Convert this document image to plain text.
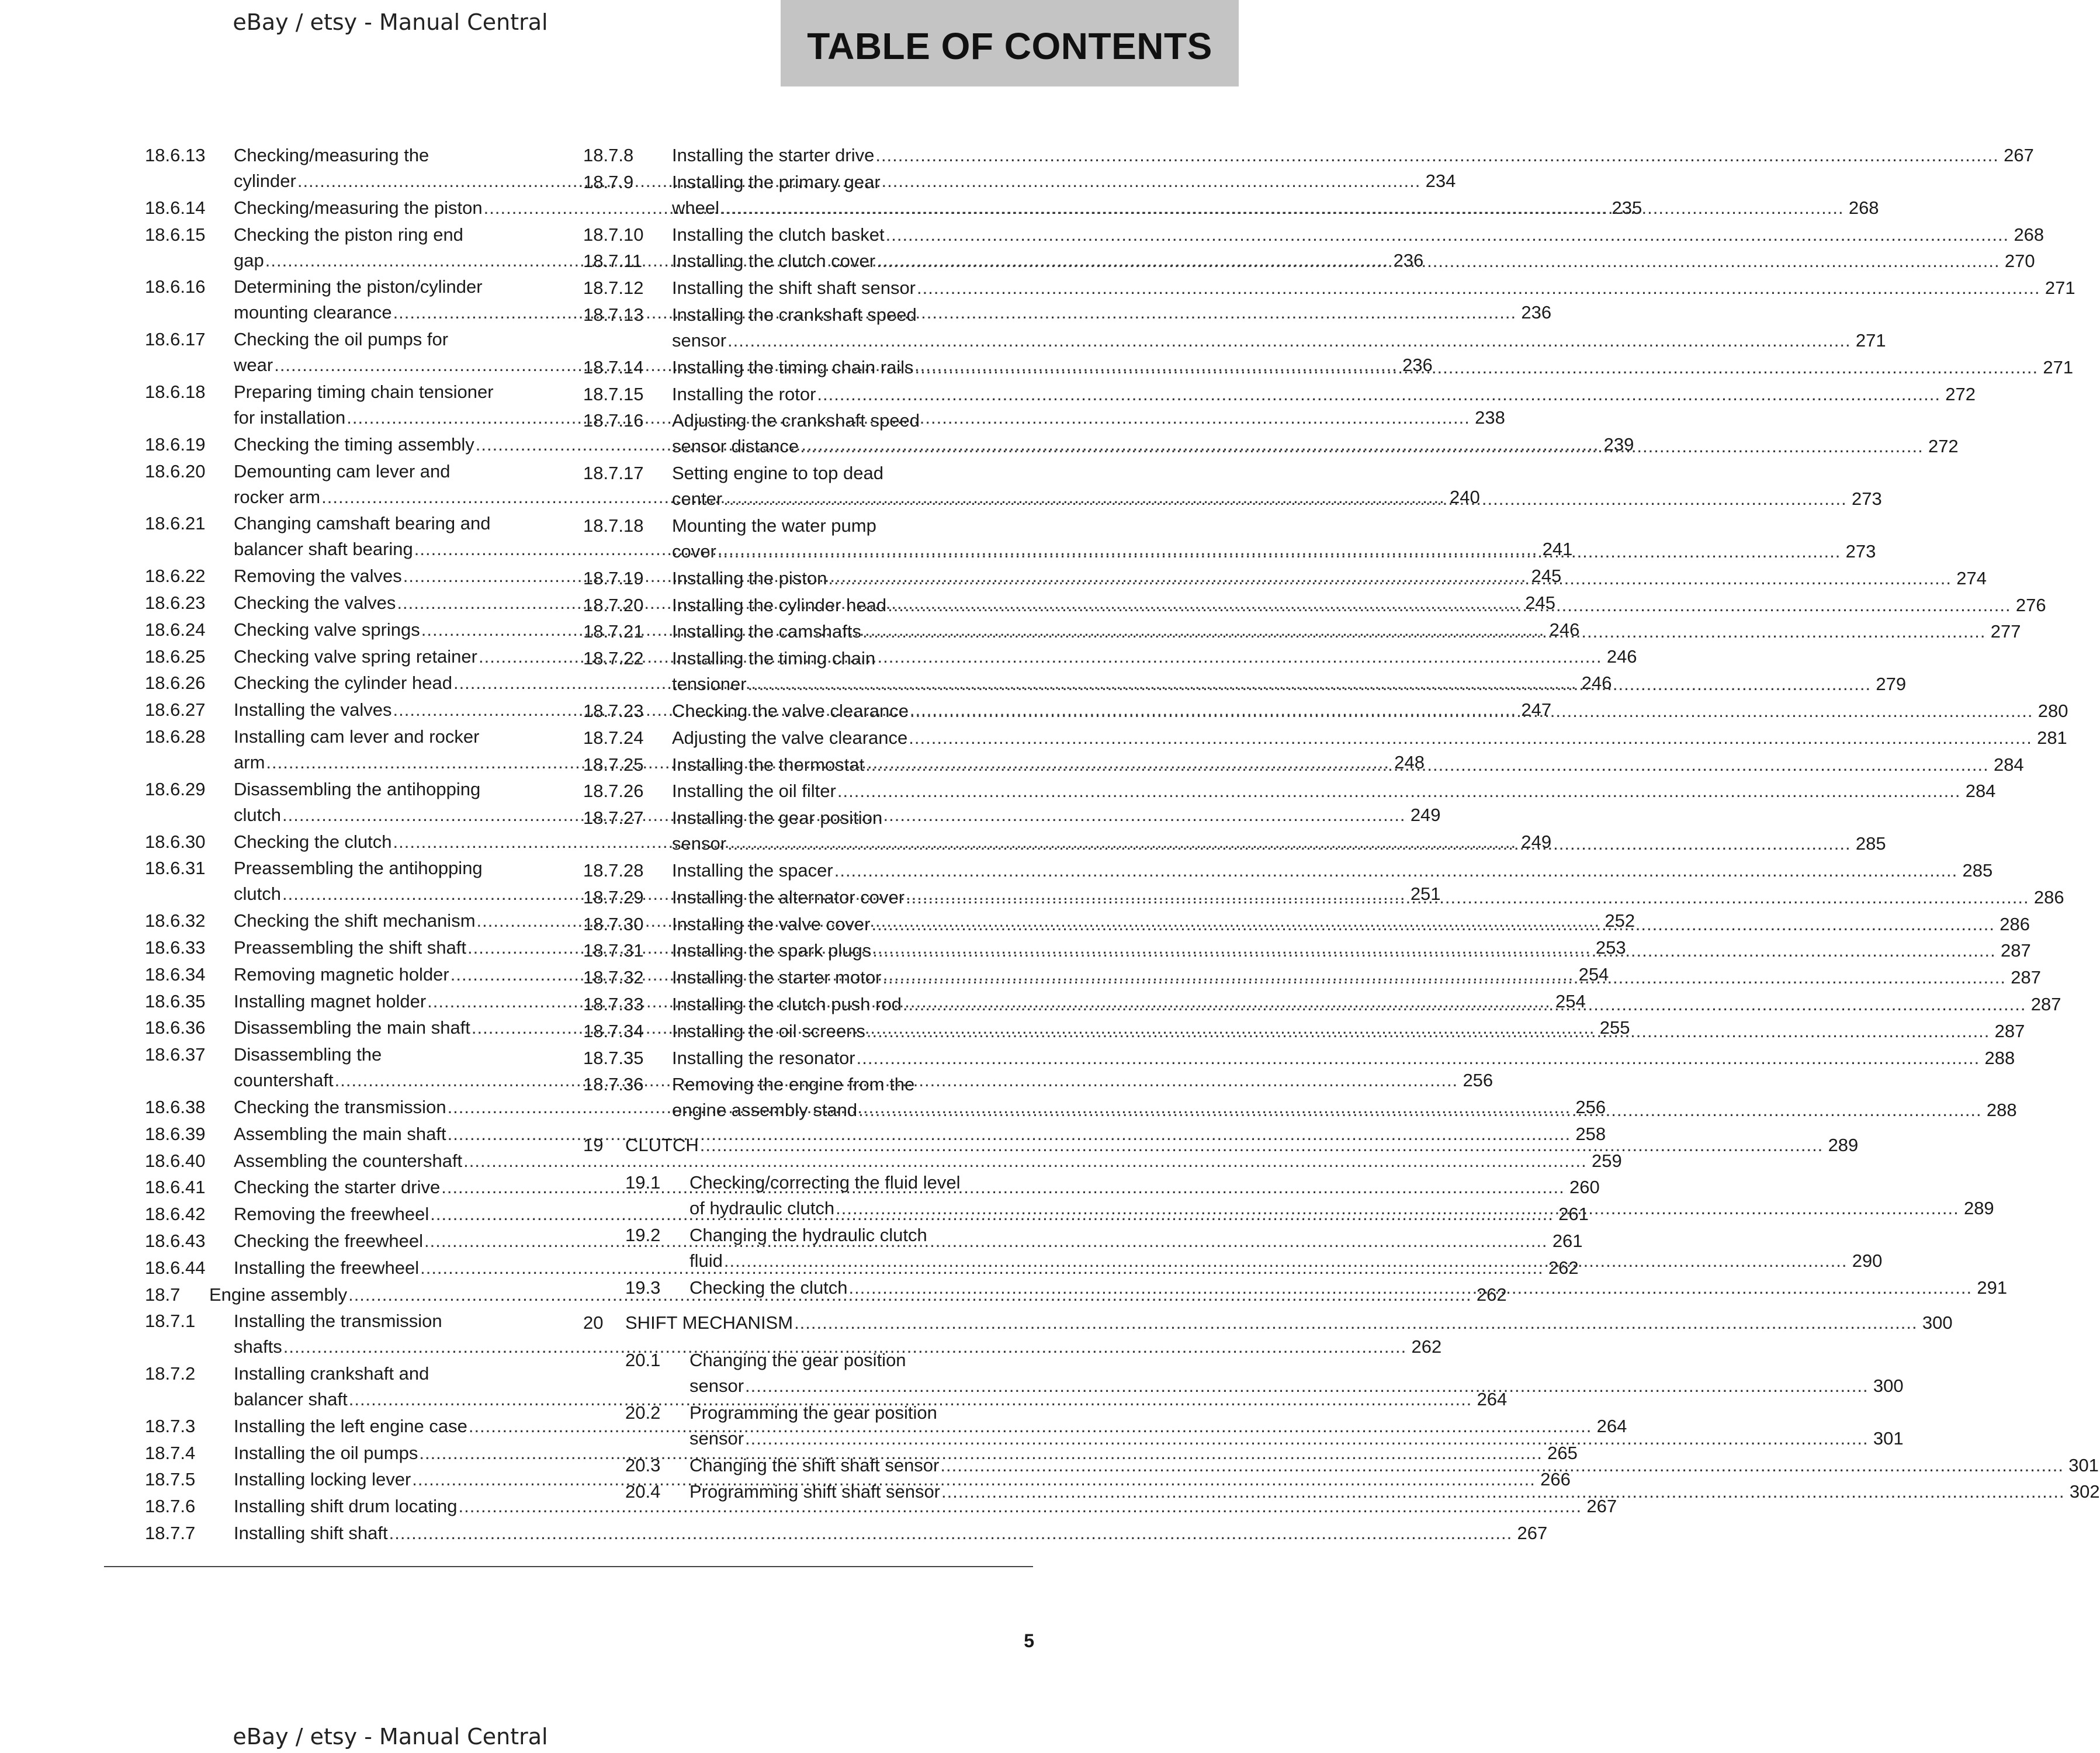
eBay / etsy - Manual Central
TABLE OF CONTENTS
18.6.13	Checking/measuring the
cylinder .....	234
18.6.14	Checking/measuring the piston .....	235
18.6.15	Checking the piston ring end
gap .....	236
18.6.16	Determining the piston/cylinder
mounting clearance .....	236
18.6.17	Checking the oil pumps for
wear .....	236
18.6.18	Preparing timing chain tensioner
for installation .....	238
18.6.19	Checking the timing assembly .....	239
18.6.20	Demounting cam lever and
rocker arm .....	240
18.6.21	Changing camshaft bearing and
balancer shaft bearing .....	241
18.6.22	Removing the valves .....	245
18.6.23	Checking the valves .....	245
18.6.24	Checking valve springs .....	246
18.6.25	Checking valve spring retainer .....	246
18.6.26	Checking the cylinder head .....	246
18.6.27	Installing the valves .....	247
18.6.28	Installing cam lever and rocker
arm .....	248
18.6.29	Disassembling the antihopping
clutch .....	249
18.6.30	Checking the clutch .....	249
18.6.31	Preassembling the antihopping
clutch .....	251
18.6.32	Checking the shift mechanism .....	252
18.6.33	Preassembling the shift shaft .....	253
18.6.34	Removing magnetic holder .....	254
18.6.35	Installing magnet holder .....	254
18.6.36	Disassembling the main shaft .....	255
18.6.37	Disassembling the
countershaft .....	256
18.6.38	Checking the transmission .....	256
18.6.39	Assembling the main shaft .....	258
18.6.40	Assembling the countershaft .....	259
18.6.41	Checking the starter drive .....	260
18.6.42	Removing the freewheel .....	261
18.6.43	Checking the freewheel .....	261
18.6.44	Installing the freewheel .....	262
18.7	Engine assembly .....	262
18.7.1	Installing the transmission
shafts .....	262
18.7.2	Installing crankshaft and
balancer shaft .....	264
18.7.3	Installing the left engine case .....	264
18.7.4	Installing the oil pumps .....	265
18.7.5	Installing locking lever .....	266
18.7.6	Installing shift drum locating .....	267
18.7.7	Installing shift shaft .....	267
18.7.8	Installing the starter drive .....	267
18.7.9	Installing the primary gear
wheel .....	268
18.7.10	Installing the clutch basket .....	268
18.7.11	Installing the clutch cover .....	270
18.7.12	Installing the shift shaft sensor .....	271
18.7.13	Installing the crankshaft speed
sensor .....	271
18.7.14	Installing the timing chain rails .....	271
18.7.15	Installing the rotor .....	272
18.7.16	Adjusting the crankshaft speed
sensor distance .....	272
18.7.17	Setting engine to top dead
center .....	273
18.7.18	Mounting the water pump
cover .....	273
18.7.19	Installing the piston .....	274
18.7.20	Installing the cylinder head .....	276
18.7.21	Installing the camshafts .....	277
18.7.22	Installing the timing chain
tensioner .....	279
18.7.23	Checking the valve clearance .....	280
18.7.24	Adjusting the valve clearance .....	281
18.7.25	Installing the thermostat .....	284
18.7.26	Installing the oil filter .....	284
18.7.27	Installing the gear position
sensor .....	285
18.7.28	Installing the spacer .....	285
18.7.29	Installing the alternator cover .....	286
18.7.30	Installing the valve cover .....	286
18.7.31	Installing the spark plugs .....	287
18.7.32	Installing the starter motor .....	287
18.7.33	Installing the clutch push rod .....	287
18.7.34	Installing the oil screens .....	287
18.7.35	Installing the resonator .....	288
18.7.36	Removing the engine from the
engine assembly stand .....	288
19	CLUTCH .....	289
19.1	Checking/correcting the fluid level
of hydraulic clutch .....	289
19.2	Changing the hydraulic clutch
fluid .....	290
19.3	Checking the clutch .....	291
20	SHIFT MECHANISM .....	300
20.1	Changing the gear position
sensor .....	300
20.2	Programming the gear position
sensor .....	301
20.3	Changing the shift shaft sensor .....	301
20.4	Programming shift shaft sensor .....	302
5
eBay / etsy - Manual Central
